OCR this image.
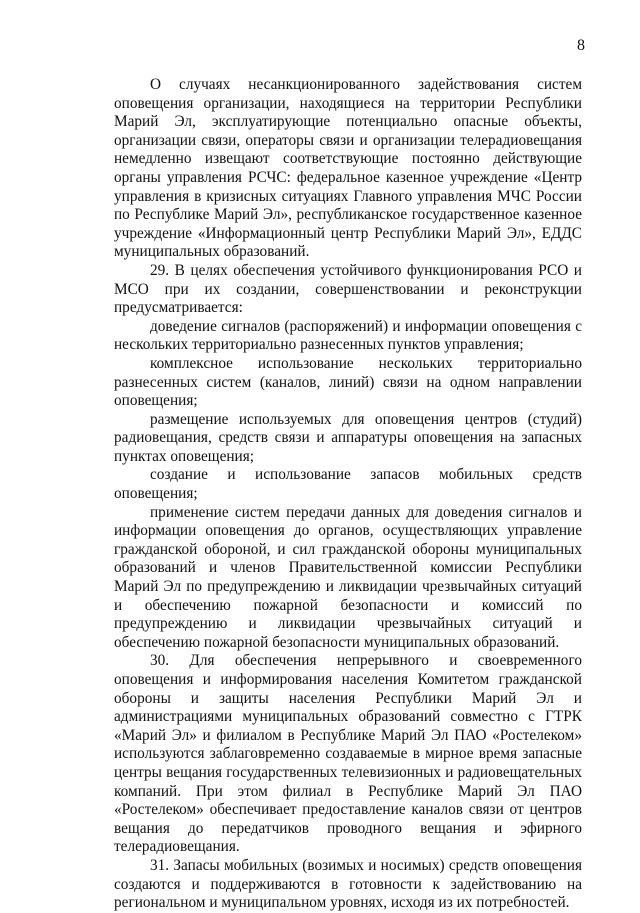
8

О случаях несанкционированного задействования систем оповещения организации, находящиеся на территории Республики Марий Эл, эксплуатирующие потенциально опасные объекты, организации связи, операторы связи и организации телерадиовещания немедленно извещают соответствующие постоянно действующие органы управления РСЧС: федеральное казенное учреждение «Центр управления в кризисных ситуациях Главного управления МЧС России по Республике Марий Эл», республиканское государственное казенное учреждение «Информационный центр Республики Марий Эл», ЕДДС муниципальных образований.

29. В целях обеспечения устойчивого функционирования РСО и МСО при их создании, совершенствовании и реконструкции предусматривается:

доведение сигналов (распоряжений) и информации оповещения с нескольких территориально разнесенных пунктов управления;

комплексное использование нескольких территориально разнесенных систем (каналов, линий) связи на одном направлении оповещения;

размещение используемых для оповещения центров (студий) радиовещания, средств связи и аппаратуры оповещения на запасных пунктах оповещения;

создание и использование запасов мобильных средств оповещения;

применение систем передачи данных для доведения сигналов и информации оповещения до органов, осуществляющих управление гражданской обороной, и сил гражданской обороны муниципальных образований и членов Правительственной комиссии Республики Марий Эл по предупреждению и ликвидации чрезвычайных ситуаций и обеспечению пожарной безопасности и комиссий по предупреждению и ликвидации чрезвычайных ситуаций и обеспечению пожарной безопасности муниципальных образований.

30. Для обеспечения непрерывного и своевременного оповещения и информирования населения Комитетом гражданской обороны и защиты населения Республики Марий Эл и администрациями муниципальных образований совместно с ГТРК «Марий Эл» и филиалом в Республике Марий Эл ПАО «Ростелеком» используются заблаговременно создаваемые в мирное время запасные центры вещания государственных телевизионных и радиовещательных компаний. При этом филиал в Республике Марий Эл ПАО «Ростелеком» обеспечивает предоставление каналов связи от центров вещания до передатчиков проводного вещания и эфирного телерадиовещания.

31. Запасы мобильных (возимых и носимых) средств оповещения создаются и поддерживаются в готовности к задействованию на региональном и муниципальном уровнях, исходя из их потребностей.
